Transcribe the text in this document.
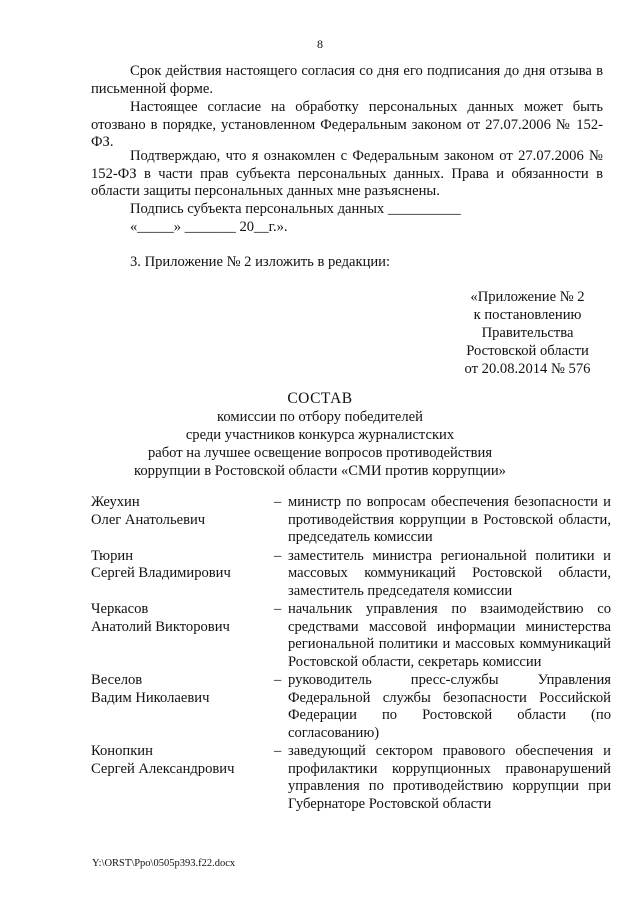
8

Срок действия настоящего согласия со дня его подписания до дня отзыва в письменной форме.

Настоящее согласие на обработку персональных данных может быть отозвано в порядке, установленном Федеральным законом от 27.07.2006 № 152-ФЗ.

Подтверждаю, что я ознакомлен с Федеральным законом от 27.07.2006 № 152-ФЗ в части прав субъекта персональных данных. Права и обязанности в области защиты персональных данных мне разъяснены.

Подпись субъекта персональных данных __________
«_____» _______ 20__г.».
3. Приложение № 2 изложить в редакции:
«Приложение № 2
к постановлению
Правительства
Ростовской области
от 20.08.2014 № 576
СОСТАВ
комиссии по отбору победителей
среди участников конкурса журналистских
работ на лучшее освещение вопросов противодействия
коррупции в Ростовской области «СМИ против коррупции»
Жеухин
Олег Анатольевич
– министр по вопросам обеспечения безопасности и противодействия коррупции в Ростовской области, председатель комиссии
Тюрин
Сергей Владимирович
– заместитель министра региональной политики и массовых коммуникаций Ростовской области, заместитель председателя комиссии
Черкасов
Анатолий Викторович
– начальник управления по взаимодействию со средствами массовой информации министерства региональной политики и массовых коммуникаций Ростовской области, секретарь комиссии
Веселов
Вадим Николаевич
– руководитель пресс-службы Управления Федеральной службы безопасности Российской Федерации по Ростовской области (по согласованию)
Конопкин
Сергей Александрович
– заведующий сектором правового обеспечения и профилактики коррупционных правонарушений управления по противодействию коррупции при Губернаторе Ростовской области
Y:\ORST\Ppo\0505p393.f22.docx
